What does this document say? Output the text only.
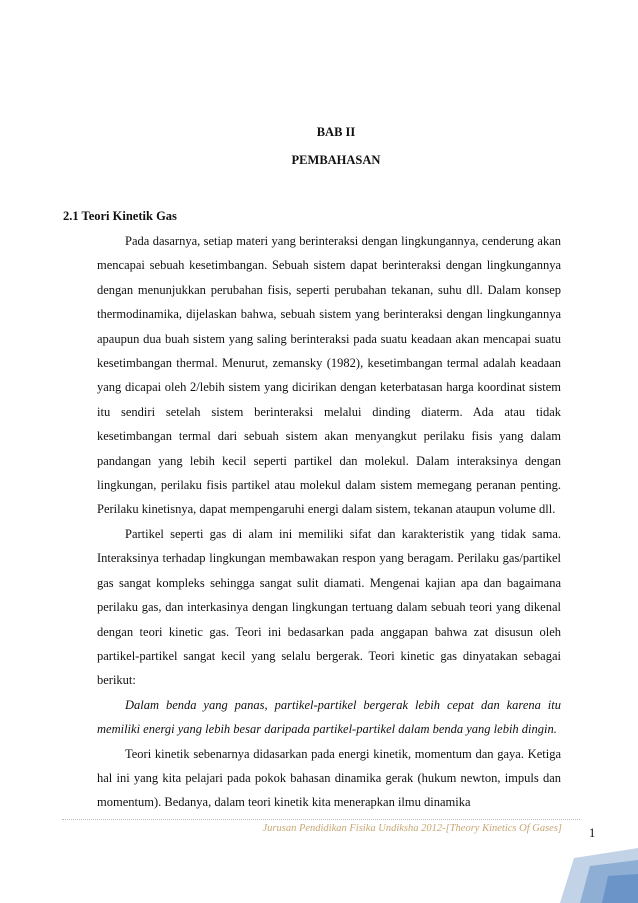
BAB II
PEMBAHASAN
2.1 Teori Kinetik Gas

Pada dasarnya, setiap materi yang berinteraksi dengan lingkungannya, cenderung akan mencapai sebuah kesetimbangan. Sebuah sistem dapat berinteraksi dengan lingkungannya dengan menunjukkan perubahan fisis, seperti perubahan tekanan, suhu dll. Dalam konsep thermodinamika, dijelaskan bahwa, sebuah sistem yang berinteraksi dengan lingkungannya apaupun dua buah sistem yang saling berinteraksi pada suatu keadaan akan mencapai suatu kesetimbangan thermal. Menurut, zemansky (1982), kesetimbangan termal adalah keadaan yang dicapai oleh 2/lebih sistem yang dicirikan dengan keterbatasan harga koordinat sistem itu sendiri setelah sistem berinteraksi melalui dinding diaterm. Ada atau tidak kesetimbangan termal dari sebuah sistem akan menyangkut perilaku fisis yang dalam pandangan yang lebih kecil seperti partikel dan molekul. Dalam interaksinya dengan lingkungan, perilaku fisis partikel atau molekul dalam sistem memegang peranan penting. Perilaku kinetisnya, dapat mempengaruhi energi dalam sistem, tekanan ataupun volume dll.

Partikel seperti gas di alam ini memiliki sifat dan karakteristik yang tidak sama. Interaksinya terhadap lingkungan membawakan respon yang beragam. Perilaku gas/partikel gas sangat kompleks sehingga sangat sulit diamati. Mengenai kajian apa dan bagaimana perilaku gas, dan interkasinya dengan lingkungan tertuang dalam sebuah teori yang dikenal dengan teori kinetic gas. Teori ini bedasarkan pada anggapan bahwa zat disusun oleh partikel-partikel sangat kecil yang selalu bergerak. Teori kinetic gas dinyatakan sebagai berikut:

Dalam benda yang panas, partikel-partikel bergerak lebih cepat dan karena itu memiliki energi yang lebih besar daripada partikel-partikel dalam benda yang lebih dingin.

Teori kinetik sebenarnya didasarkan pada energi kinetik, momentum dan gaya. Ketiga hal ini yang kita pelajari pada pokok bahasan dinamika gerak (hukum newton, impuls dan momentum). Bedanya, dalam teori kinetik kita menerapkan ilmu dinamika

Jurusan Pendidikan Fisika Undiksha 2012-[Theory Kinetics Of Gases] 1
